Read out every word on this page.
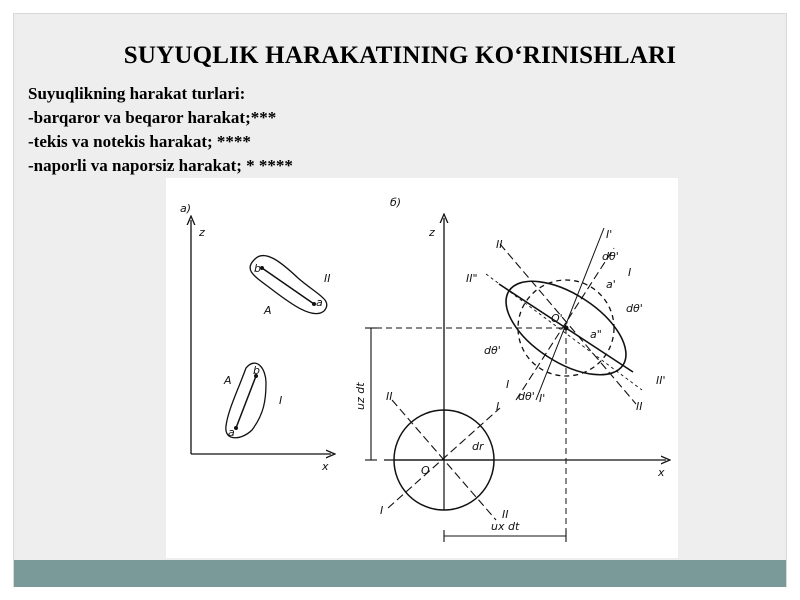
SUYUQLIK HARAKATINING KO‘RINISHLARI
Suyuqlikning harakat turlari:
-barqaror va beqaror harakat;***
-tekis va notekis harakat; ****
-naporli va naporsiz harakat; * ****
a)
z
x
b
a
A
II
b
a
A
I
б)
z
x
O
dr
II
I
I	II
uz dt
ux dt
O'
I'
II
II"	I
dθ'
a'
dθ'
a"
dθ'
I
dθ' I'
II'
II
